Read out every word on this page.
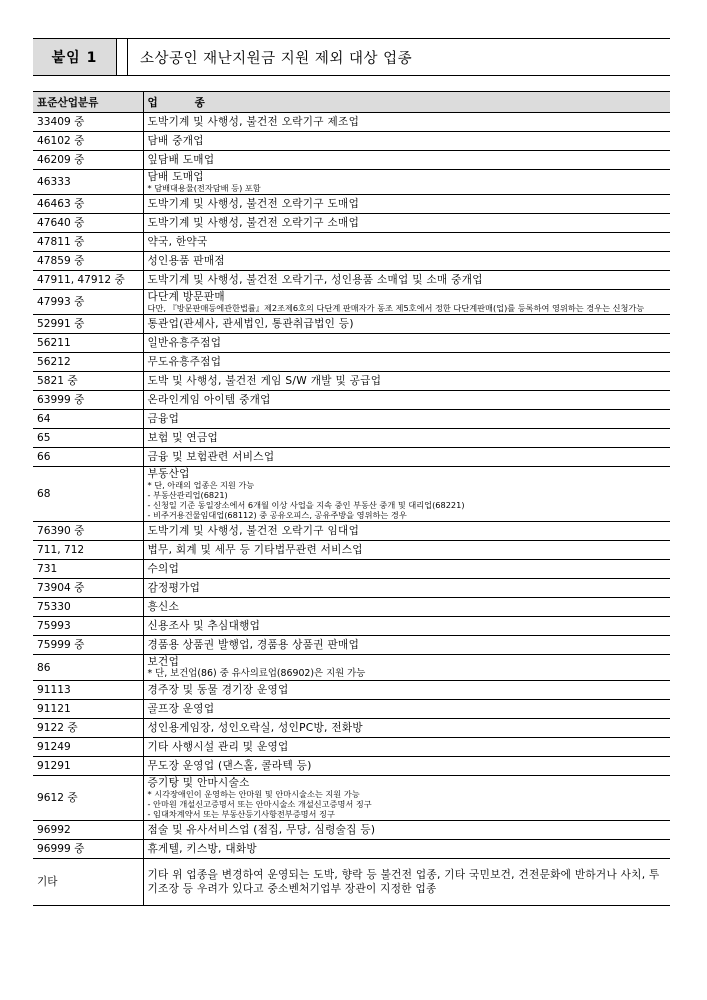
붙임 1	소상공인 재난지원금 지원 제외 대상 업종
표준산업분류	업          종
33409 중	도박기계 및 사행성, 불건전 오락기구 제조업

46102 중	담배 중개업

46209 중	잎담배 도매업

46333	담배 도매업
* 담배대용물(전자담배 등) 포함

46463 중	도박기계 및 사행성, 불건전 오락기구 도매업

47640 중	도박기계 및 사행성, 불건전 오락기구 소매업

47811 중	약국, 한약국

47859 중	성인용품 판매점

47911, 47912 중	도박기계 및 사행성, 불건전 오락기구, 성인용품 소매업 및 소매 중개업

47993 중	다단계 방문판매
다만, 『방문판매등에관한법률』제2조제6호의 다단계 판매자가 동조 제5호에서 정한 다단계판매(업)를 등록하여 영위하는 경우는 신청가능

52991 중	통관업(관세사, 관세법인, 통관취급법인 등)

56211	일반유흥주점업

56212	무도유흥주점업

5821 중	도박 및 사행성, 불건전 게임 S/W 개발 및 공급업

63999 중	온라인게임 아이템 중개업

64	금융업

65	보험 및 연금업

66	금융 및 보험관련 서비스업

68	부동산업
* 단, 아래의 업종은 지원 가능
- 부동산관리업(6821)
- 신청일 기준 동일장소에서 6개월 이상 사업을 지속 중인 부동산 중개 및 대리업(68221)
- 비주거용건물임대업(68112) 중 공유오피스, 공유주방을 영위하는 경우

76390 중	도박기계 및 사행성, 불건전 오락기구 임대업

711, 712	법무, 회계 및 세무 등 기타법무관련 서비스업

731	수의업

73904 중	감정평가업

75330	흥신소

75993	신용조사 및 추심대행업

75999 중	경품용 상품권 발행업, 경품용 상품권 판매업

86	보건업
* 단, 보건업(86) 중 유사의료업(86902)은 지원 가능

91113	경주장 및 동물 경기장 운영업

91121	골프장 운영업

9122 중	성인용게임장, 성인오락실, 성인PC방, 전화방

91249	기타 사행시설 관리 및 운영업

91291	무도장 운영업 (댄스홀, 콜라텍 등)

9612 중	증기탕 및 안마시술소
* 시각장애인이 운영하는 안마원 및 안마시술소는 지원 가능
- 안마원 개설신고증명서 또는 안마시술소 개설신고증명서 징구
- 임대차계약서 또는 부동산등기사항전부증명서 징구

96992	점술 및 유사서비스업 (점집, 무당, 심령술집 등)

96999 중	휴게텔, 키스방, 대화방

기타	기타 위 업종을 변경하여 운영되는 도박, 향락 등 불건전 업종, 기타 국민보건, 건전문화에 반하거나 사치, 투기조장 등 우려가 있다고 중소벤처기업부 장관이 지정한 업종
